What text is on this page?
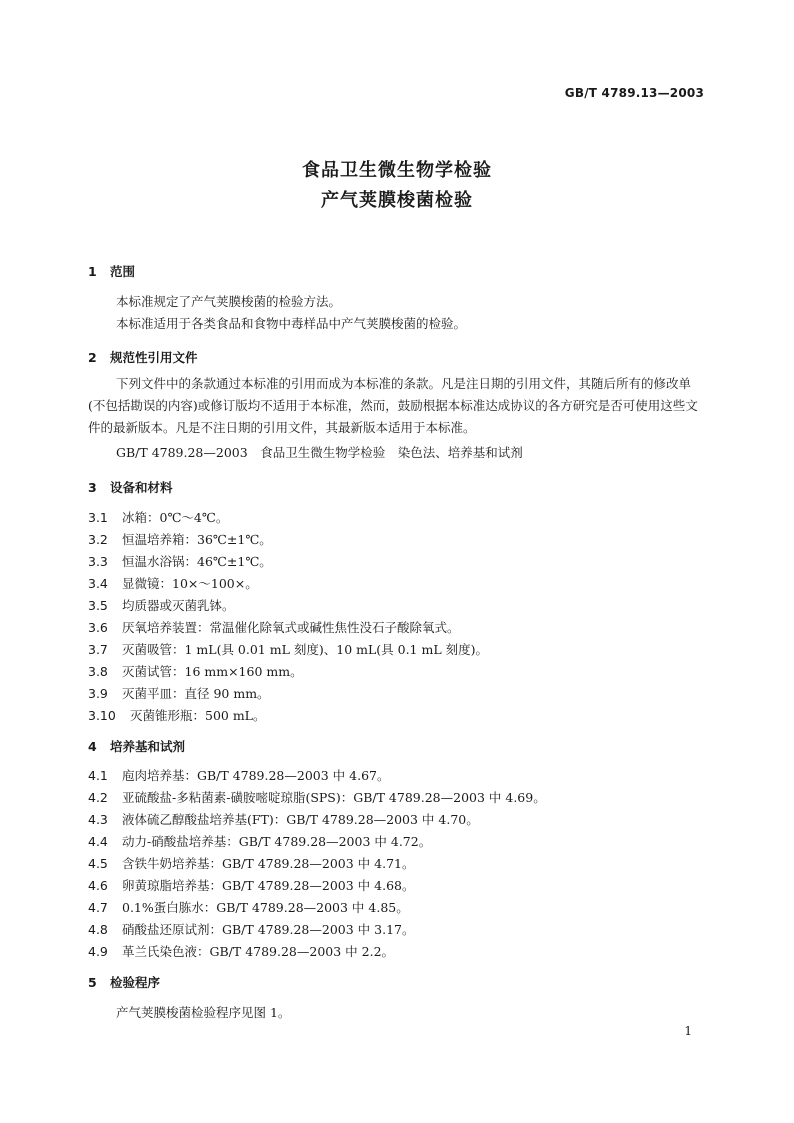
GB/T 4789.13—2003
食品卫生微生物学检验
产气荚膜梭菌检验
1 范围
本标准规定了产气荚膜梭菌的检验方法。
本标准适用于各类食品和食物中毒样品中产气荚膜梭菌的检验。
2 规范性引用文件
下列文件中的条款通过本标准的引用而成为本标准的条款。凡是注日期的引用文件，其随后所有的修改单(不包括勘误的内容)或修订版均不适用于本标准，然而，鼓励根据本标准达成协议的各方研究是否可使用这些文件的最新版本。凡是不注日期的引用文件，其最新版本适用于本标准。
GB/T 4789.28—2003　食品卫生微生物学检验　染色法、培养基和试剂
3 设备和材料
3.1 冰箱：0℃～4℃。
3.2 恒温培养箱：36℃±1℃。
3.3 恒温水浴锅：46℃±1℃。
3.4 显微镜：10×～100×。
3.5 均质器或灭菌乳钵。
3.6 厌氧培养装置：常温催化除氧式或碱性焦性没石子酸除氧式。
3.7 灭菌吸管：1 mL(具 0.01 mL 刻度)、10 mL(具 0.1 mL 刻度)。
3.8 灭菌试管：16 mm×160 mm。
3.9 灭菌平皿：直径 90 mm。
3.10 灭菌锥形瓶：500 mL。
4 培养基和试剂
4.1 庖肉培养基：GB/T 4789.28—2003 中 4.67。
4.2 亚硫酸盐-多粘菌素-磺胺嘧啶琼脂(SPS)：GB/T 4789.28—2003 中 4.69。
4.3 液体硫乙醇酸盐培养基(FT)：GB/T 4789.28—2003 中 4.70。
4.4 动力-硝酸盐培养基：GB/T 4789.28—2003 中 4.72。
4.5 含铁牛奶培养基：GB/T 4789.28—2003 中 4.71。
4.6 卵黄琼脂培养基：GB/T 4789.28—2003 中 4.68。
4.7 0.1%蛋白胨水：GB/T 4789.28—2003 中 4.85。
4.8 硝酸盐还原试剂：GB/T 4789.28—2003 中 3.17。
4.9 革兰氏染色液：GB/T 4789.28—2003 中 2.2。
5 检验程序
产气荚膜梭菌检验程序见图 1。
1
